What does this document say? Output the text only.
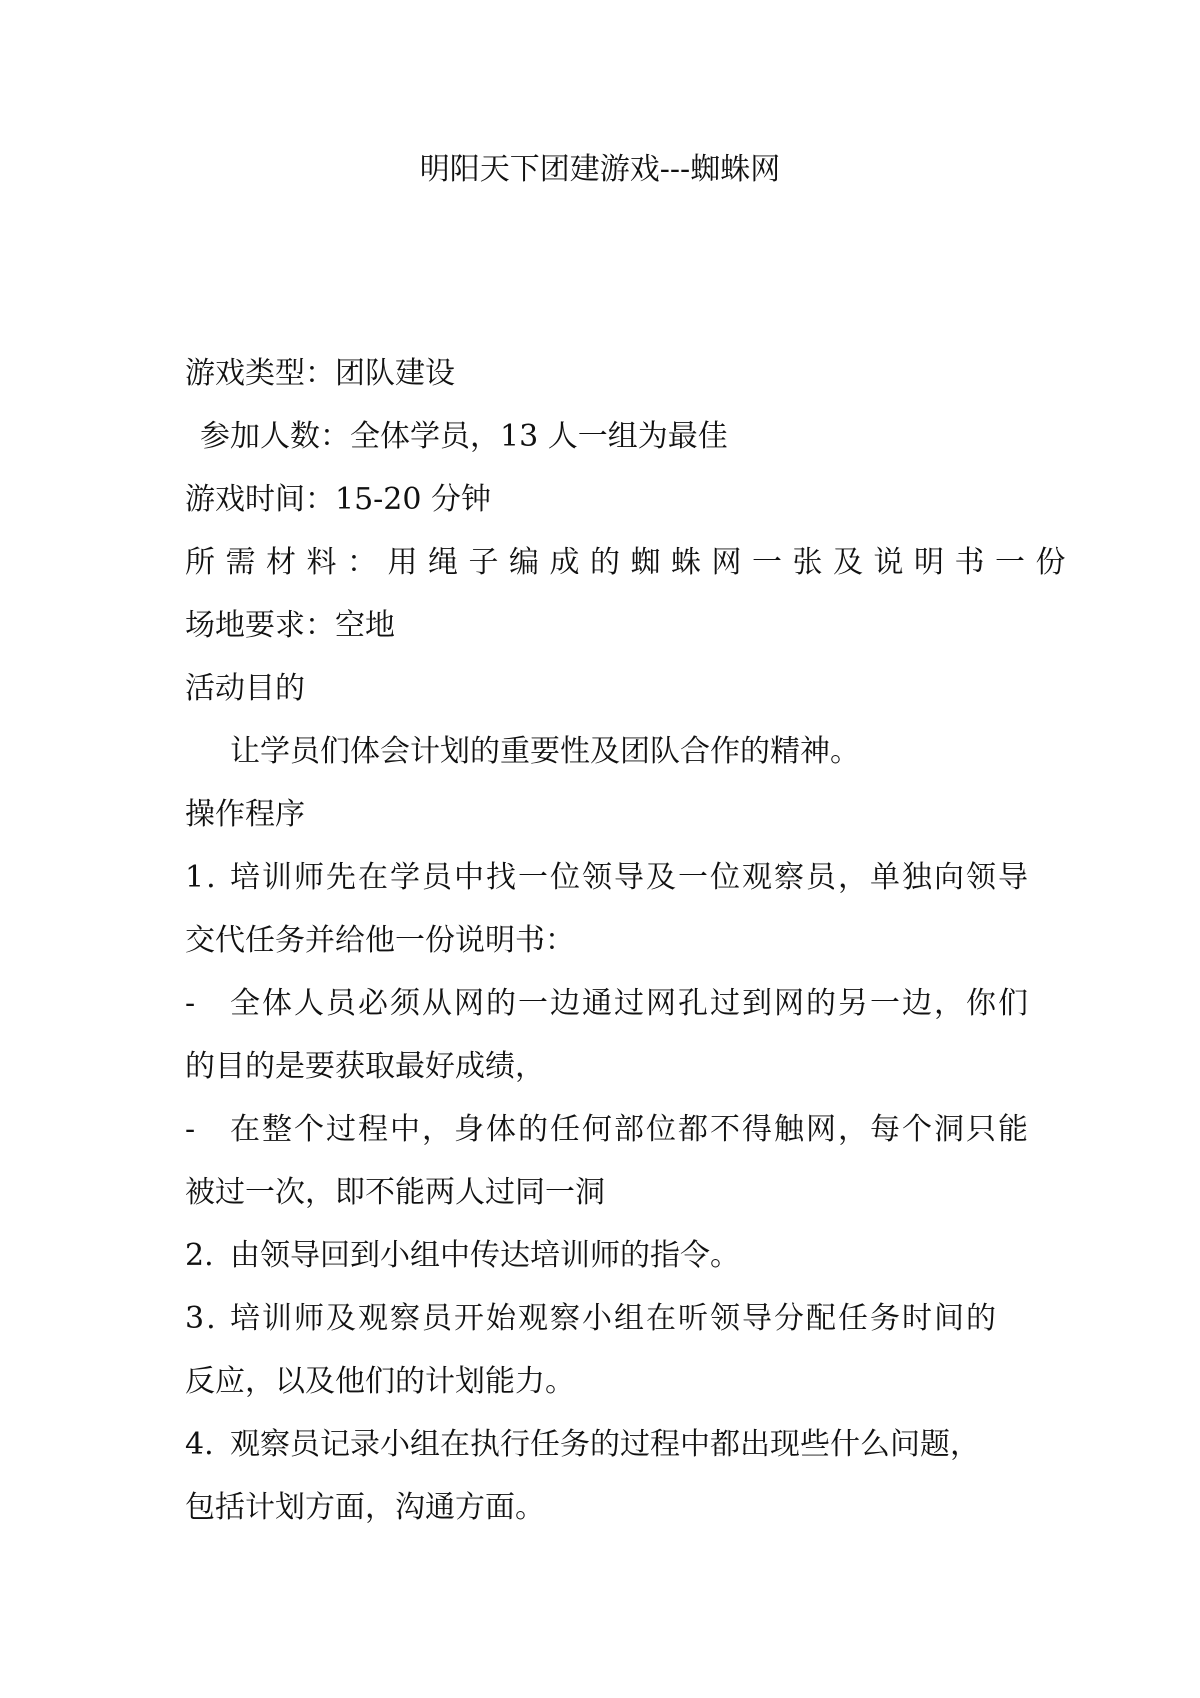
明阳天下团建游戏---蜘蛛网
游戏类型：团队建设
参加人数：全体学员，13 人一组为最佳
游戏时间：15-20 分钟
所需材料：用绳子编成的蜘蛛网一张及说明书一份
场地要求：空地
活动目的
让学员们体会计划的重要性及团队合作的精神。
操作程序
1. 培训师先在学员中找一位领导及一位观察员，单独向领导
交代任务并给他一份说明书：
- 全体人员必须从网的一边通过网孔过到网的另一边，你们
的目的是要获取最好成绩，
- 在整个过程中，身体的任何部位都不得触网，每个洞只能
被过一次，即不能两人过同一洞
2. 由领导回到小组中传达培训师的指令。
3. 培训师及观察员开始观察小组在听领导分配任务时间的
反应，以及他们的计划能力。
4. 观察员记录小组在执行任务的过程中都出现些什么问题，
包括计划方面，沟通方面。
